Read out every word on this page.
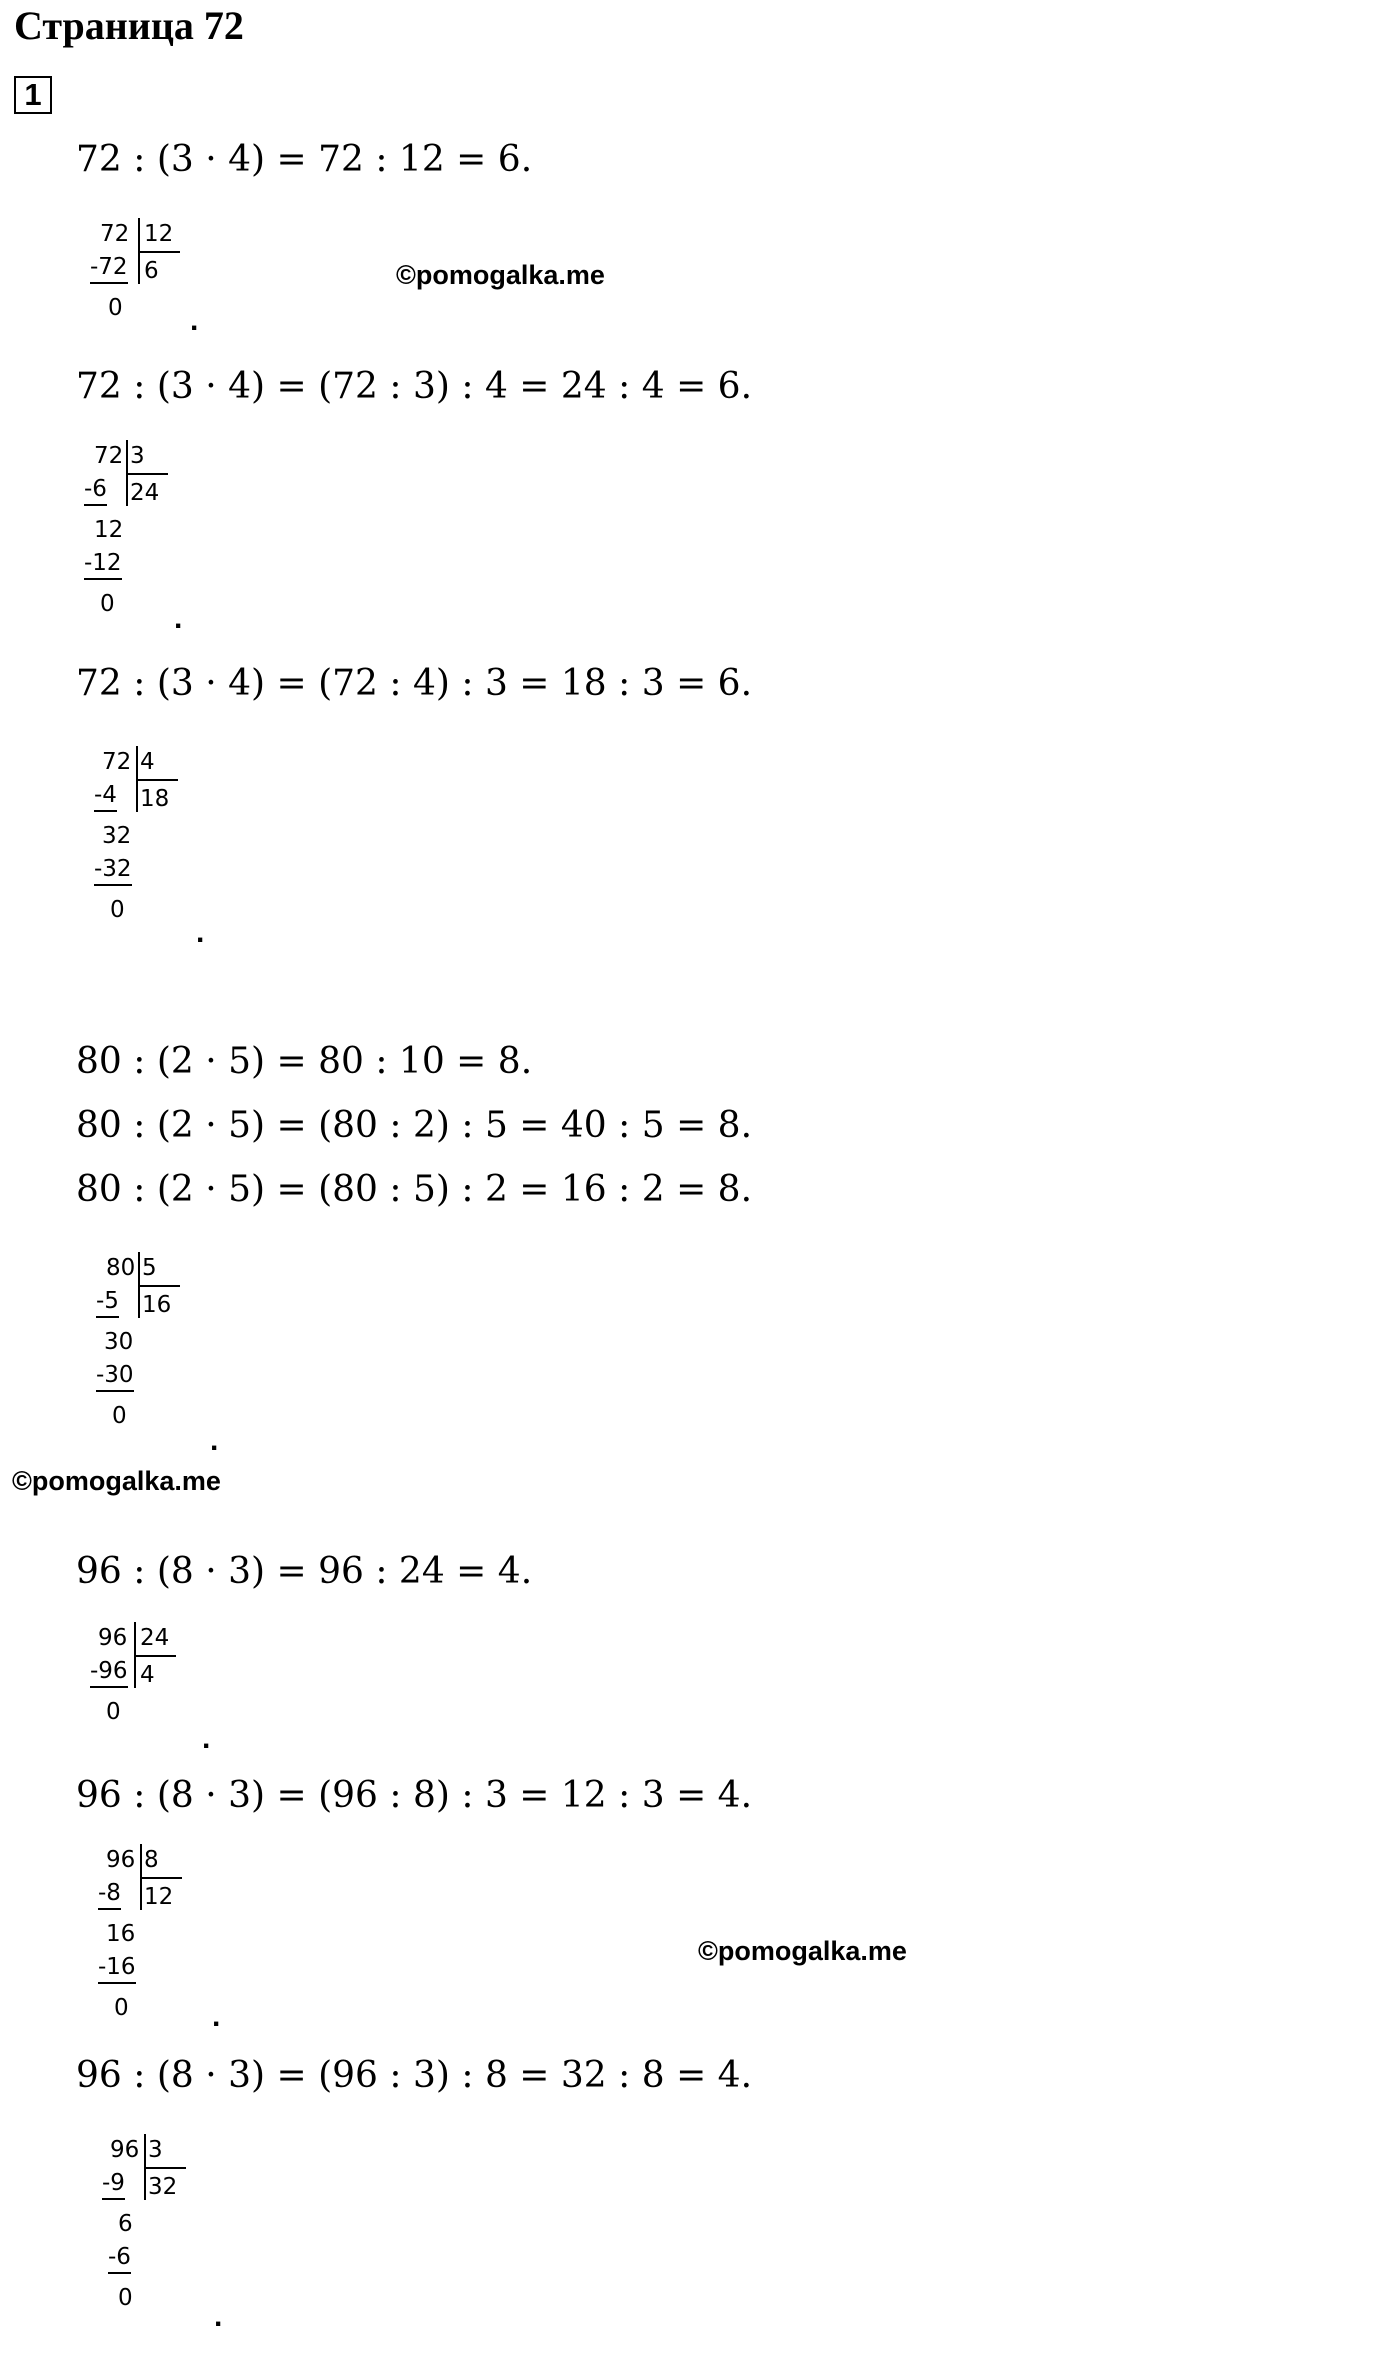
Страница 72
1
72 : (3 · 4) = 72 : 12 = 6.
72 12
-72 6
0 .
©pomogalka.me
72 : (3 · 4) = (72 : 3) : 4 = 24 : 4 = 6.
72 3
-6 24
12
-12
0 .
72 : (3 · 4) = (72 : 4) : 3 = 18 : 3 = 6.
72 4
-4 18
32
-32
0
.
80 : (2 · 5) = 80 : 10 = 8.
80 : (2 · 5) = (80 : 2) : 5 = 40 : 5 = 8.
80 : (2 · 5) = (80 : 5) : 2 = 16 : 2 = 8.
80 5
-5 16
30
-30
0
.
©pomogalka.me
96 : (8 · 3) = 96 : 24 = 4.
96 24
-96 4
0
.
96 : (8 · 3) = (96 : 8) : 3 = 12 : 3 = 4.
96 8
-8 12
16
-16
0	.
©pomogalka.me
96 : (8 · 3) = (96 : 3) : 8 = 32 : 8 = 4.
96 3
-9 32
6
-6
0
.
